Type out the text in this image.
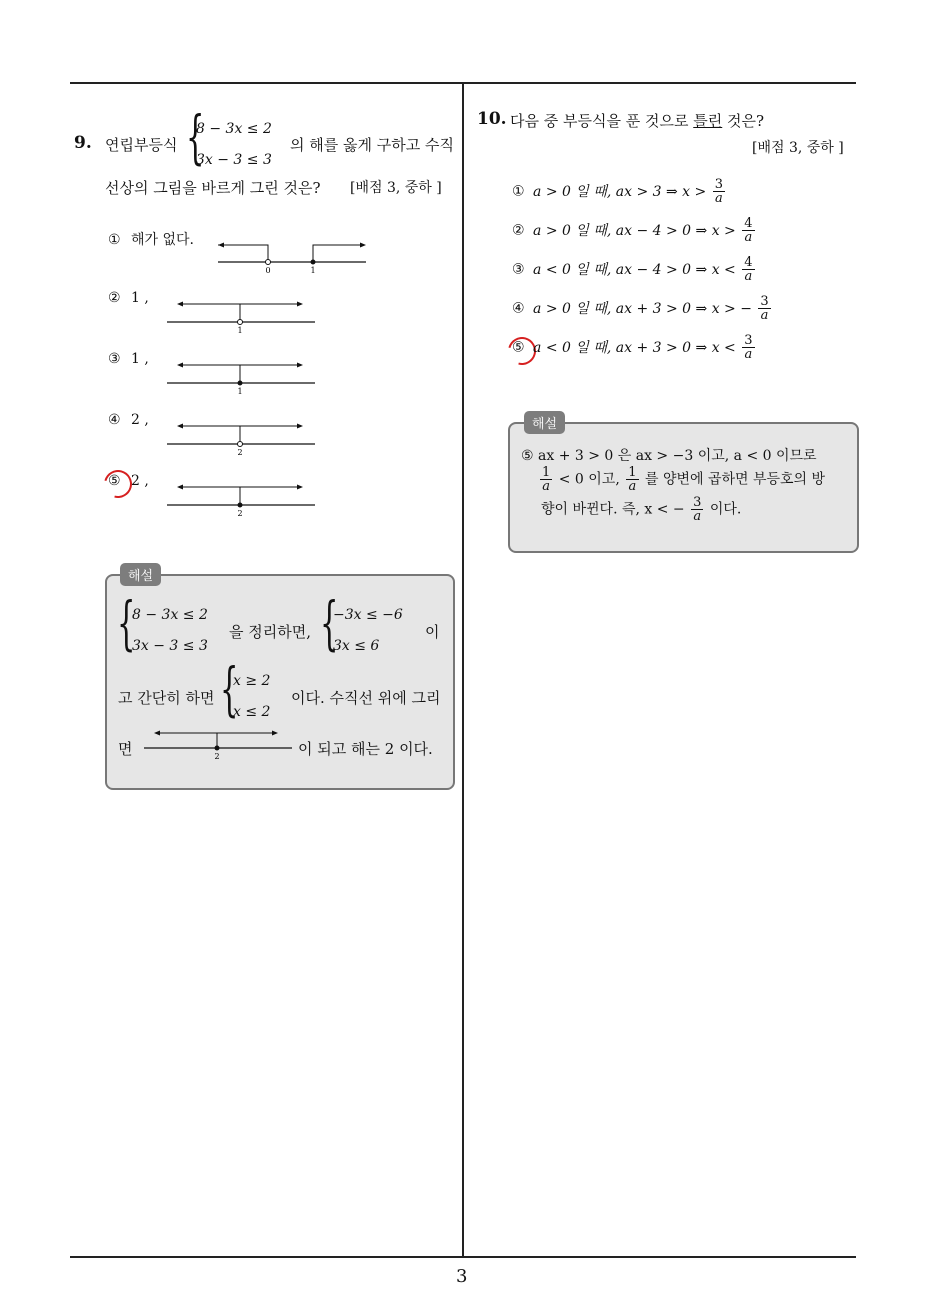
3
9. 연립부등식 {
8 − 3x ≤ 2
3x − 3 ≤ 3
의 해를 옳게 구하고 수직
선상의 그림을 바르게 그린 것은? [배점 3, 중하 ]
① 해가 없다.
0	1
② 1 ,
1
③ 1 ,
1
④ 2 ,
2
⑤ 2 ,
2
해설
{
8 − 3x ≤ 2
3x − 3 ≤ 3
을 정리하면, {
−3x ≤ −6
3x ≤ 6
이
고 간단히 하면 {
x ≥ 2
x ≤ 2
이다. 수직선 위에 그리
면	2	이 되고 해는 2 이다.
10. 다음 중 부등식을 푼 것으로 틀린 것은?
[배점 3, 중하 ]
① a > 0 일 때, ax > 3 ⇒ $x > \frac{3}{a}$
② a > 0 일 때, ax − 4 > 0 ⇒ $x > \frac{4}{a}$
③ a < 0 일 때, ax − 4 > 0 ⇒ $x < \frac{4}{a}$
④ a > 0 일 때, ax + 3 > 0 ⇒ x > − $\frac{3}{a}$
⑤ a < 0 일 때, ax + 3 > 0 ⇒ $x < \frac{3}{a}$
해설
⑤ ax + 3 > 0 은 ax > −3 이고, a < 0 이므로
$\frac{1}{a} < 0$ 이고, $\frac{1}{a}$ 를 양변에 곱하면 부등호의 방
향이 바뀐다. 즉, x < − $\frac{3}{a}$ 이다.
